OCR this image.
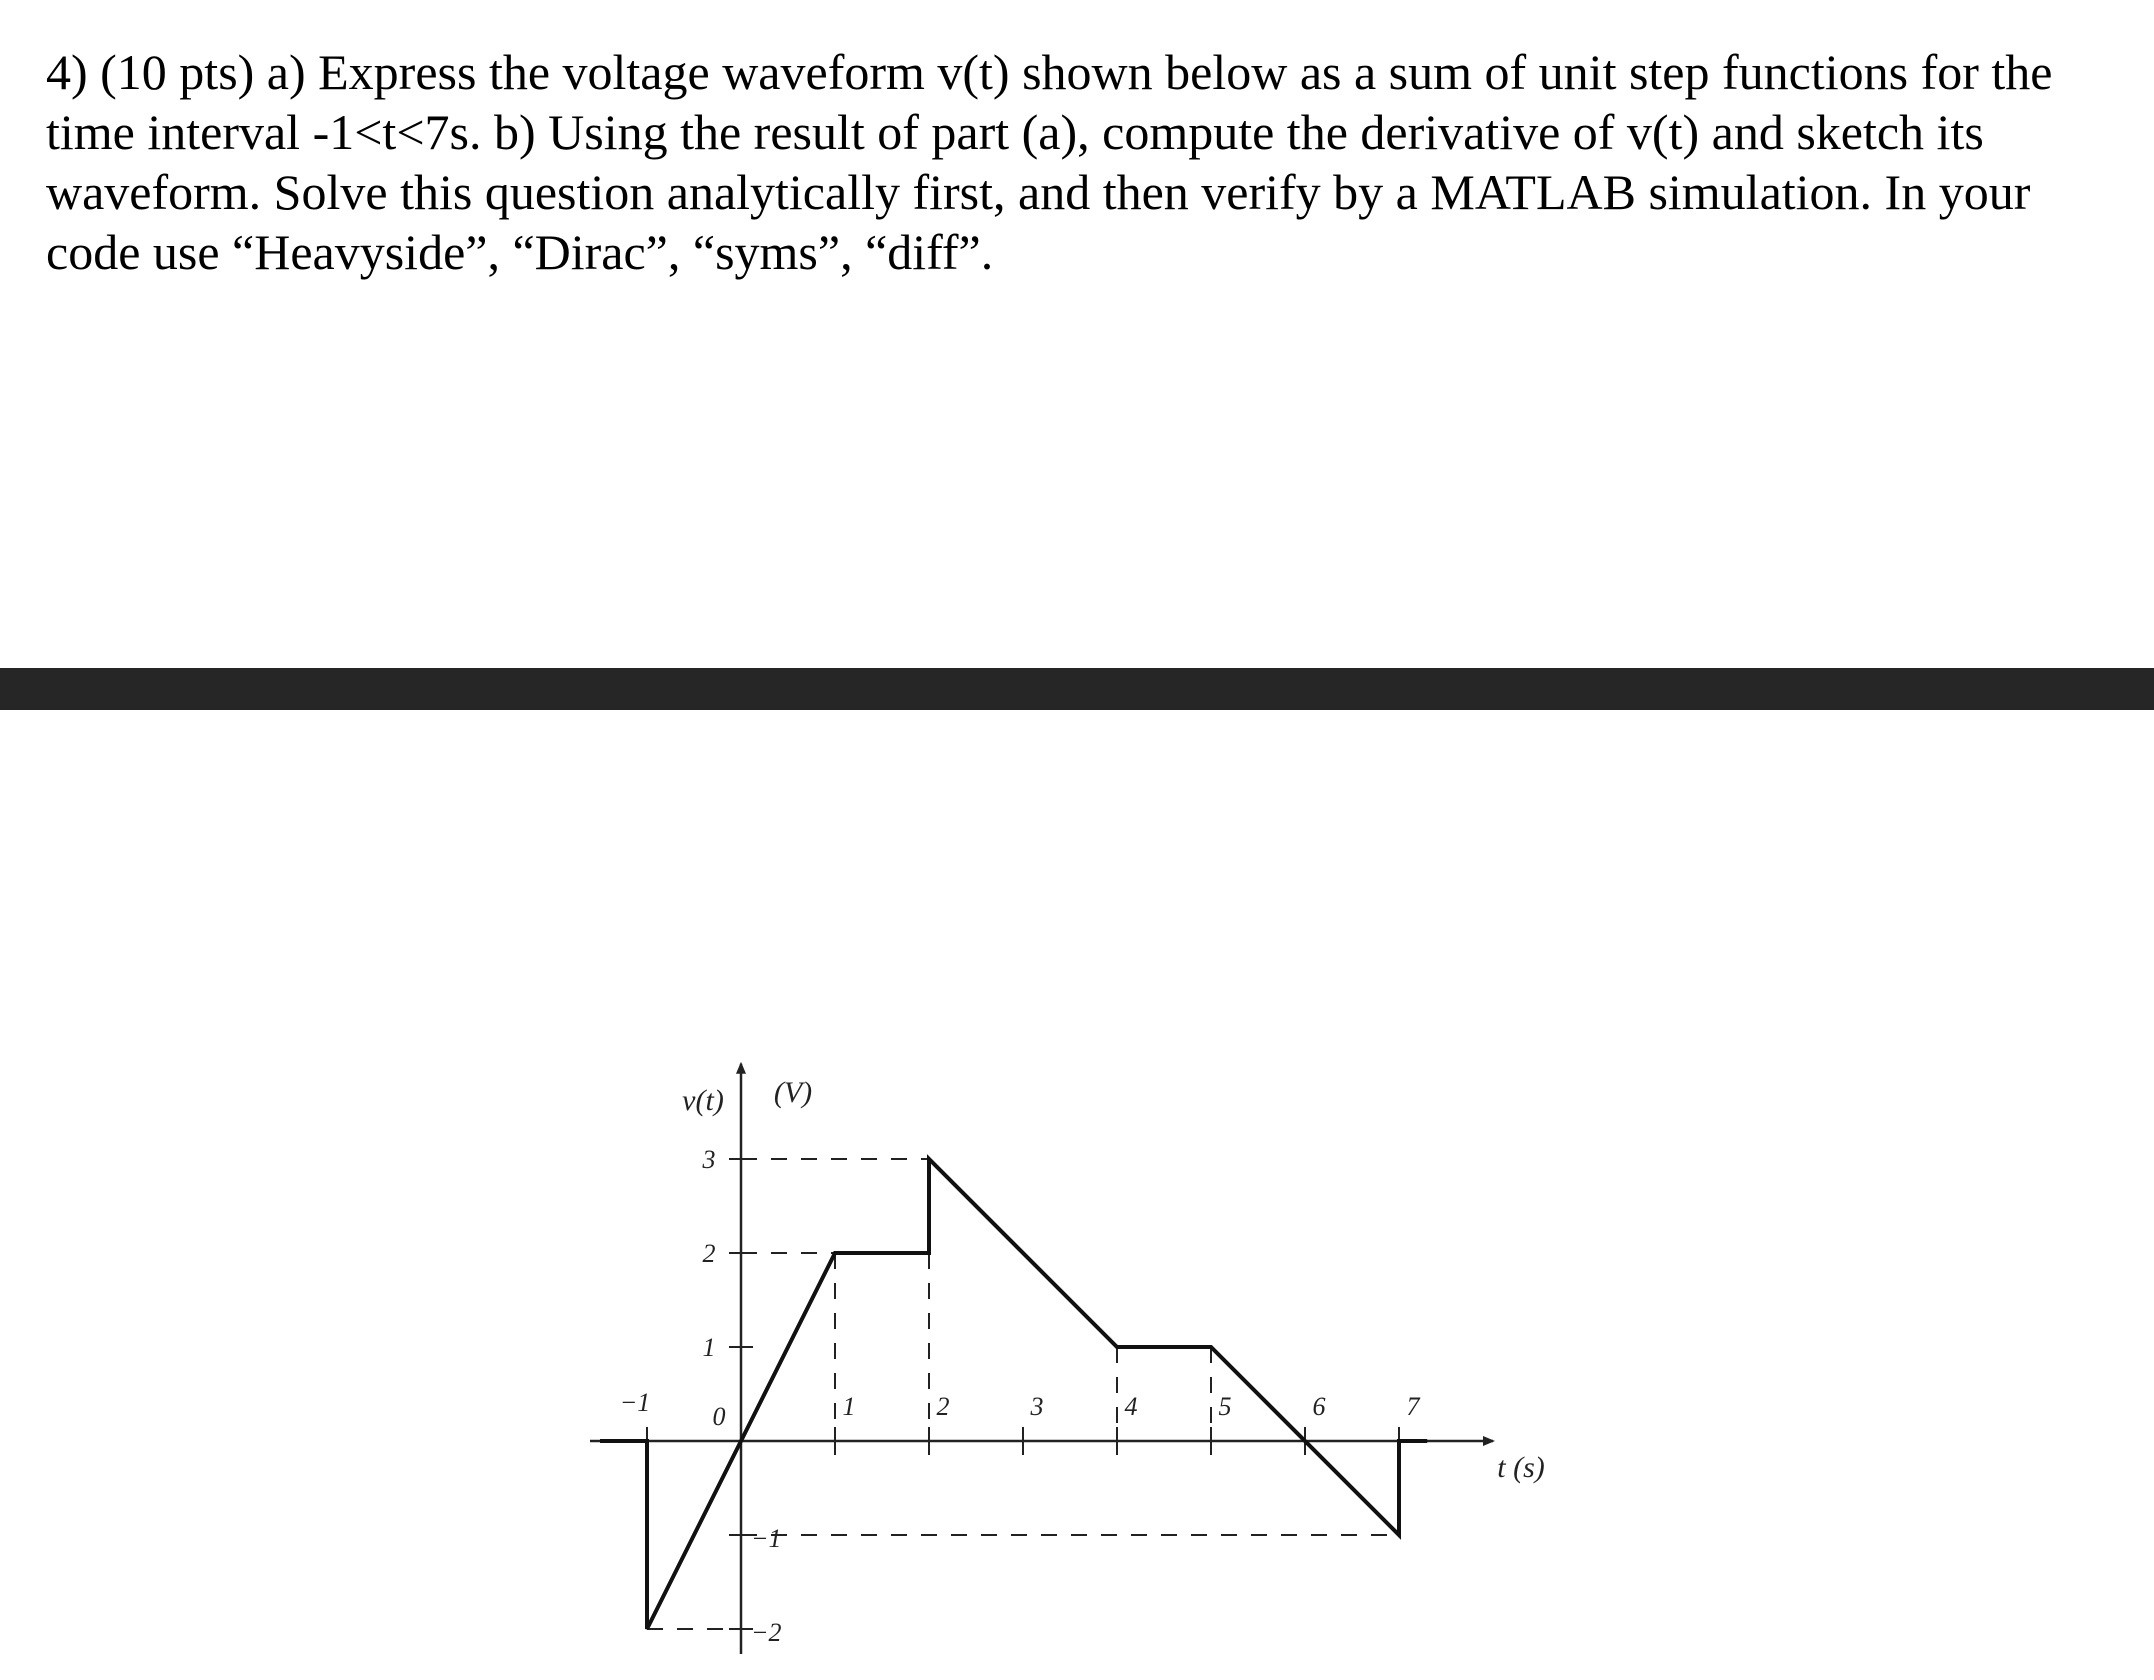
4) (10 pts) a) Express the voltage waveform v(t) shown below as a sum of unit step functions for the time interval -1<t<7s. b) Using the result of part (a), compute the derivative of v(t) and sketch its waveform. Solve this question analytically first, and then verify by a MATLAB simulation. In your code use “Heavyside”, “Dirac”, “syms”, “diff”.

−1	1	2	3	4	5	6	7
0
1
2
3
−1
−2
v(t) (V)
t (s)
